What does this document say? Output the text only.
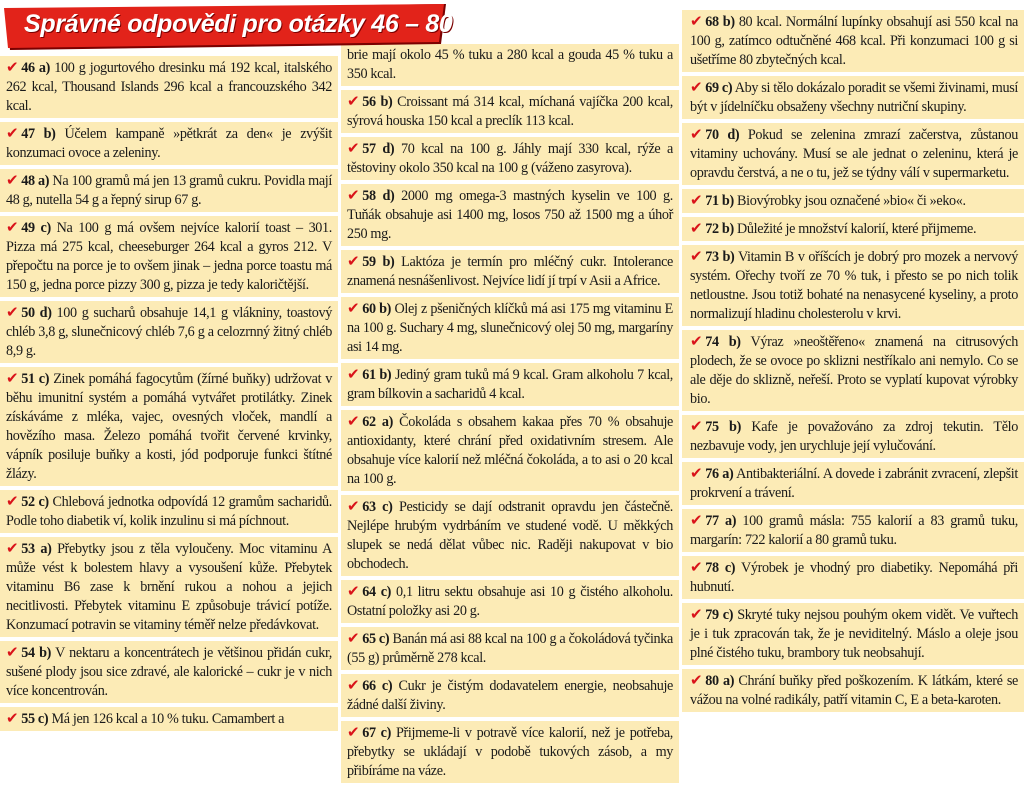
Správné odpovědi pro otázky 46 – 80
✔ 46 a) 100 g jogurtového dresinku má 192 kcal, italského 262 kcal, Thousand Islands 296 kcal a francouzského 342 kcal.
✔ 47 b) Účelem kampaně »pětkrát za den« je zvýšit konzumaci ovoce a zeleniny.
✔ 48 a) Na 100 gramů má jen 13 gramů cukru. Povidla mají 48 g, nutella 54 g a řepný sirup 67 g.
✔ 49 c) Na 100 g má ovšem nejvíce kalorií toast – 301. Pizza má 275 kcal, cheeseburger 264 kcal a gyros 212. V přepočtu na porce je to ovšem jinak – jedna porce toastu má 150 g, jedna porce pizzy 300 g, pizza je tedy kaloričtější.
✔ 50 d) 100 g sucharů obsahuje 14,1 g vlákniny, toastový chléb 3,8 g, slunečnicový chléb 7,6 g a celozrnný žitný chléb 8,9 g.
✔ 51 c) Zinek pomáhá fagocytům (žírné buňky) udržovat v běhu imunitní systém a pomáhá vytvářet protilátky. Zinek získáváme z mléka, vajec, ovesných vloček, mandlí a hovězího masa. Železo pomáhá tvořit červené krvinky, vápník posiluje buňky a kosti, jód podporuje funkci štítné žlázy.
✔ 52 c) Chlebová jednotka odpovídá 12 gramům sacharidů. Podle toho diabetik ví, kolik inzulinu si má píchnout.
✔ 53 a) Přebytky jsou z těla vyloučeny. Moc vitaminu A může vést k bolestem hlavy a vysoušení kůže. Přebytek vitaminu B6 zase k brnění rukou a nohou a jejich necitlivosti. Přebytek vitaminu E způsobuje trávicí potíže. Konzumací potravin se vitaminy téměř nelze předávkovat.
✔ 54 b) V nektaru a koncentrátech je většinou přidán cukr, sušené plody jsou sice zdravé, ale kalorické – cukr je v nich více koncentrován.
✔ 55 c) Má jen 126 kcal a 10 % tuku. Camambert a
brie mají okolo 45 % tuku a 280 kcal a gouda 45 % tuku a 350 kcal.
✔ 56 b) Croissant má 314 kcal, míchaná vajíčka 200 kcal, sýrová houska 150 kcal a preclík 113 kcal.
✔ 57 d) 70 kcal na 100 g. Jáhly mají 330 kcal, rýže a těstoviny okolo 350 kcal na 100 g (váženo zasyrova).
✔ 58 d) 2000 mg omega-3 mastných kyselin ve 100 g. Tuňák obsahuje asi 1400 mg, losos 750 až 1500 mg a úhoř 250 mg.
✔ 59 b) Laktóza je termín pro mléčný cukr. Intolerance znamená nesnášenlivost. Nejvíce lidí jí trpí v Asii a Africe.
✔ 60 b) Olej z pšeničných klíčků má asi 175 mg vitaminu E na 100 g. Suchary 4 mg, slunečnicový olej 50 mg, margaríny asi 14 mg.
✔ 61 b) Jediný gram tuků má 9 kcal. Gram alkoholu 7 kcal, gram bílkovin a sacharidů 4 kcal.
✔ 62 a) Čokoláda s obsahem kakaa přes 70 % obsahuje antioxidanty, které chrání před oxidativním stresem. Ale obsahuje více kalorií než mléčná čokoláda, a to asi o 20 kcal na 100 g.
✔ 63 c) Pesticidy se dají odstranit opravdu jen částečně. Nejlépe hrubým vydrbáním ve studené vodě. U měkkých slupek se nedá dělat vůbec nic. Raději nakupovat v bio obchodech.
✔ 64 c) 0,1 litru sektu obsahuje asi 10 g čistého alkoholu. Ostatní položky asi 20 g.
✔ 65 c) Banán má asi 88 kcal na 100 g a čokoládová tyčinka (55 g) průměrně 278 kcal.
✔ 66 c) Cukr je čistým dodavatelem energie, neobsahuje žádné další živiny.
✔ 67 c) Přijmeme-li v potravě více kalorií, než je potřeba, přebytky se ukládají v podobě tukových zásob, a my přibíráme na váze.
✔ 68 b) 80 kcal. Normální lupínky obsahují asi 550 kcal na 100 g, zatímco odtučněné 468 kcal. Při konzumaci 100 g si ušetříme 80 zbytečných kcal.
✔ 69 c) Aby si tělo dokázalo poradit se všemi živinami, musí být v jídelníčku obsaženy všechny nutriční skupiny.
✔ 70 d) Pokud se zelenina zmrazí začerstva, zůstanou vitaminy uchovány. Musí se ale jednat o zeleninu, která je opravdu čerstvá, a ne o tu, jež se týdny válí v supermarketu.
✔ 71 b) Biovýrobky jsou označené »bio« či »eko«.
✔ 72 b) Důležité je množství kalorií, které přijmeme.
✔ 73 b) Vitamin B v oříšcích je dobrý pro mozek a nervový systém. Ořechy tvoří ze 70 % tuk, i přesto se po nich tolik netloustne. Jsou totiž bohaté na nenasycené kyseliny, a proto normalizují hladinu cholesterolu v krvi.
✔ 74 b) Výraz »neoštěřeno« znamená na citrusových plodech, že se ovoce po sklizni nestříkalo ani nemylo. Co se ale děje do sklizně, neřeší. Proto se vyplatí kupovat výrobky bio.
✔ 75 b) Kafe je považováno za zdroj tekutin. Tělo nezbavuje vody, jen urychluje její vylučování.
✔ 76 a) Antibakteriální. A dovede i zabránit zvracení, zlepšit prokrvení a trávení.
✔ 77 a) 100 gramů másla: 755 kalorií a 83 gramů tuku, margarín: 722 kalorií a 80 gramů tuku.
✔ 78 c) Výrobek je vhodný pro diabetiky. Nepomáhá při hubnutí.
✔ 79 c) Skryté tuky nejsou pouhým okem vidět. Ve vuřtech je i tuk zpracován tak, že je neviditelný. Máslo a oleje jsou plné čistého tuku, brambory tuk neobsahují.
✔ 80 a) Chrání buňky před poškozením. K látkám, které se vážou na volné radikály, patří vitamin C, E a beta-karoten.
